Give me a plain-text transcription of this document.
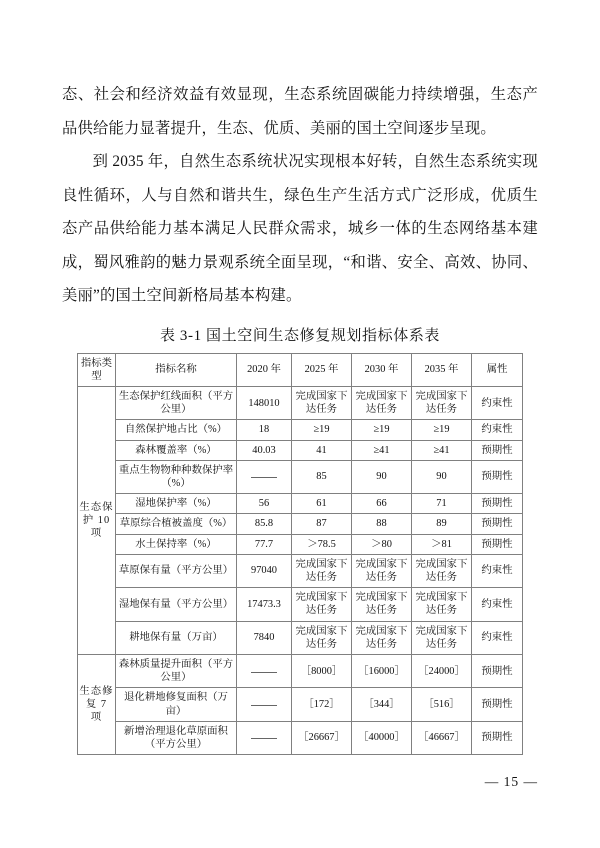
态、社会和经济效益有效显现，生态系统固碳能力持续增强，生态产品供给能力显著提升，生态、优质、美丽的国土空间逐步呈现。

到 2035 年，自然生态系统状况实现根本好转，自然生态系统实现良性循环，人与自然和谐共生，绿色生产生活方式广泛形成，优质生态产品供给能力基本满足人民群众需求，城乡一体的生态网络基本建成，蜀风雅韵的魅力景观系统全面呈现，“和谐、安全、高效、协同、美丽”的国土空间新格局基本构建。

表 3-1 国土空间生态修复规划指标体系表
指标类型	指标名称	2020 年	2025 年	2030 年	2035 年	属性
生态保护 10 项	生态保护红线面积（平方公里）	148010	完成国家下达任务	完成国家下达任务	完成国家下达任务	约束性
	自然保护地占比（%）	18	≥19	≥19	≥19	约束性
	森林覆盖率（%）	40.03	41	≥41	≥41	预期性
	重点生物物种种数保护率（%）		85	90	90	预期性
	湿地保护率（%）	56	61	66	71	预期性
	草原综合植被盖度（%）	85.8	87	88	89	预期性
	水土保持率（%）	77.7	＞78.5	＞80	＞81	预期性
	草原保有量（平方公里）	97040	完成国家下达任务	完成国家下达任务	完成国家下达任务	约束性
	湿地保有量（平方公里）	17473.3	完成国家下达任务	完成国家下达任务	完成国家下达任务	约束性
	耕地保有量（万亩）	7840	完成国家下达任务	完成国家下达任务	完成国家下达任务	约束性
生态修复 7 项	森林质量提升面积（平方公里）		［8000］	［16000］	［24000］	预期性
	退化耕地修复面积（万亩）		［172］	［344］	［516］	预期性
	新增治理退化草原面积（平方公里）		［26667］	［40000］	［46667］	预期性
— 15 —
